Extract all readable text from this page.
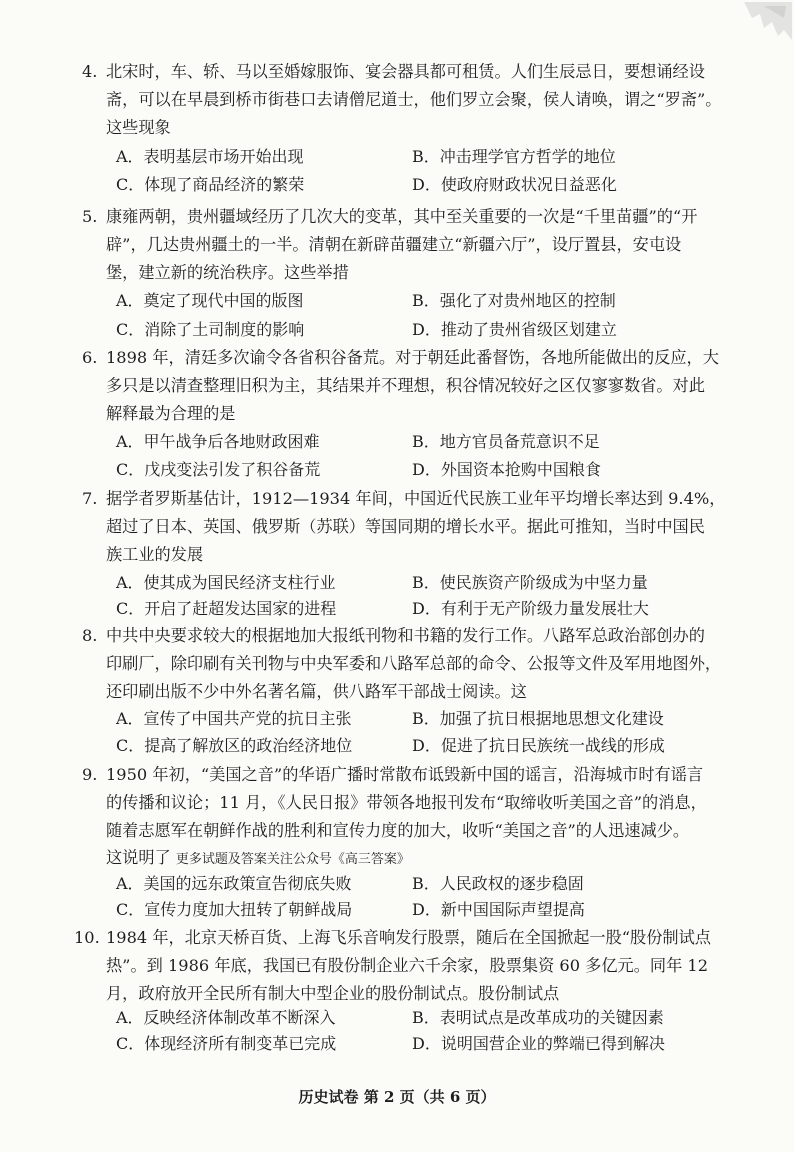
4. 北宋时，车、轿、马以至婚嫁服饰、宴会器具都可租赁。人们生辰忌日，要想诵经设
斋，可以在早晨到桥市街巷口去请僧尼道士，他们罗立会聚，侯人请唤，谓之“罗斋”。
这些现象
A．表明基层市场开始出现	B．冲击理学官方哲学的地位
C．体现了商品经济的繁荣	D．使政府财政状况日益恶化
5. 康雍两朝，贵州疆域经历了几次大的变革，其中至关重要的一次是“千里苗疆”的“开
辟”，几达贵州疆土的一半。清朝在新辟苗疆建立“新疆六厅”，设厅置县，安屯设
堡，建立新的统治秩序。这些举措
A．奠定了现代中国的版图	B．强化了对贵州地区的控制
C．消除了土司制度的影响	D．推动了贵州省级区划建立
6. 1898 年，清廷多次谕令各省积谷备荒。对于朝廷此番督饬，各地所能做出的反应，大
多只是以清查整理旧积为主，其结果并不理想，积谷情况较好之区仅寥寥数省。对此
解释最为合理的是
A．甲午战争后各地财政困难	B．地方官员备荒意识不足
C．戊戌变法引发了积谷备荒	D．外国资本抢购中国粮食
7. 据学者罗斯基估计，1912—1934 年间，中国近代民族工业年平均增长率达到 9.4%，
超过了日本、英国、俄罗斯（苏联）等国同期的增长水平。据此可推知，当时中国民
族工业的发展
A．使其成为国民经济支柱行业	B．使民族资产阶级成为中坚力量
C．开启了赶超发达国家的进程	D．有利于无产阶级力量发展壮大
8. 中共中央要求较大的根据地加大报纸刊物和书籍的发行工作。八路军总政治部创办的
印刷厂，除印刷有关刊物与中央军委和八路军总部的命令、公报等文件及军用地图外，
还印刷出版不少中外名著名篇，供八路军干部战士阅读。这
A．宣传了中国共产党的抗日主张	B．加强了抗日根据地思想文化建设
C．提高了解放区的政治经济地位	D．促进了抗日民族统一战线的形成
9. 1950 年初，“美国之音”的华语广播时常散布诋毁新中国的谣言，沿海城市时有谣言
的传播和议论；11 月，《人民日报》带领各地报刊发布“取缔收听美国之音”的消息，
随着志愿军在朝鲜作战的胜利和宣传力度的加大，收听“美国之音”的人迅速减少。
这说明了 更多试题及答案关注公众号《高三答案》
A．美国的远东政策宣告彻底失败	B．人民政权的逐步稳固
C．宣传力度加大扭转了朝鲜战局	D．新中国国际声望提高
10. 1984 年，北京天桥百货、上海飞乐音响发行股票，随后在全国掀起一股“股份制试点
热”。到 1986 年底，我国已有股份制企业六千余家，股票集资 60 多亿元。同年 12
月，政府放开全民所有制大中型企业的股份制试点。股份制试点
A．反映经济体制改革不断深入	B．表明试点是改革成功的关键因素
C．体现经济所有制变革已完成	D．说明国营企业的弊端已得到解决
历史试卷 第 2 页（共 6 页）
